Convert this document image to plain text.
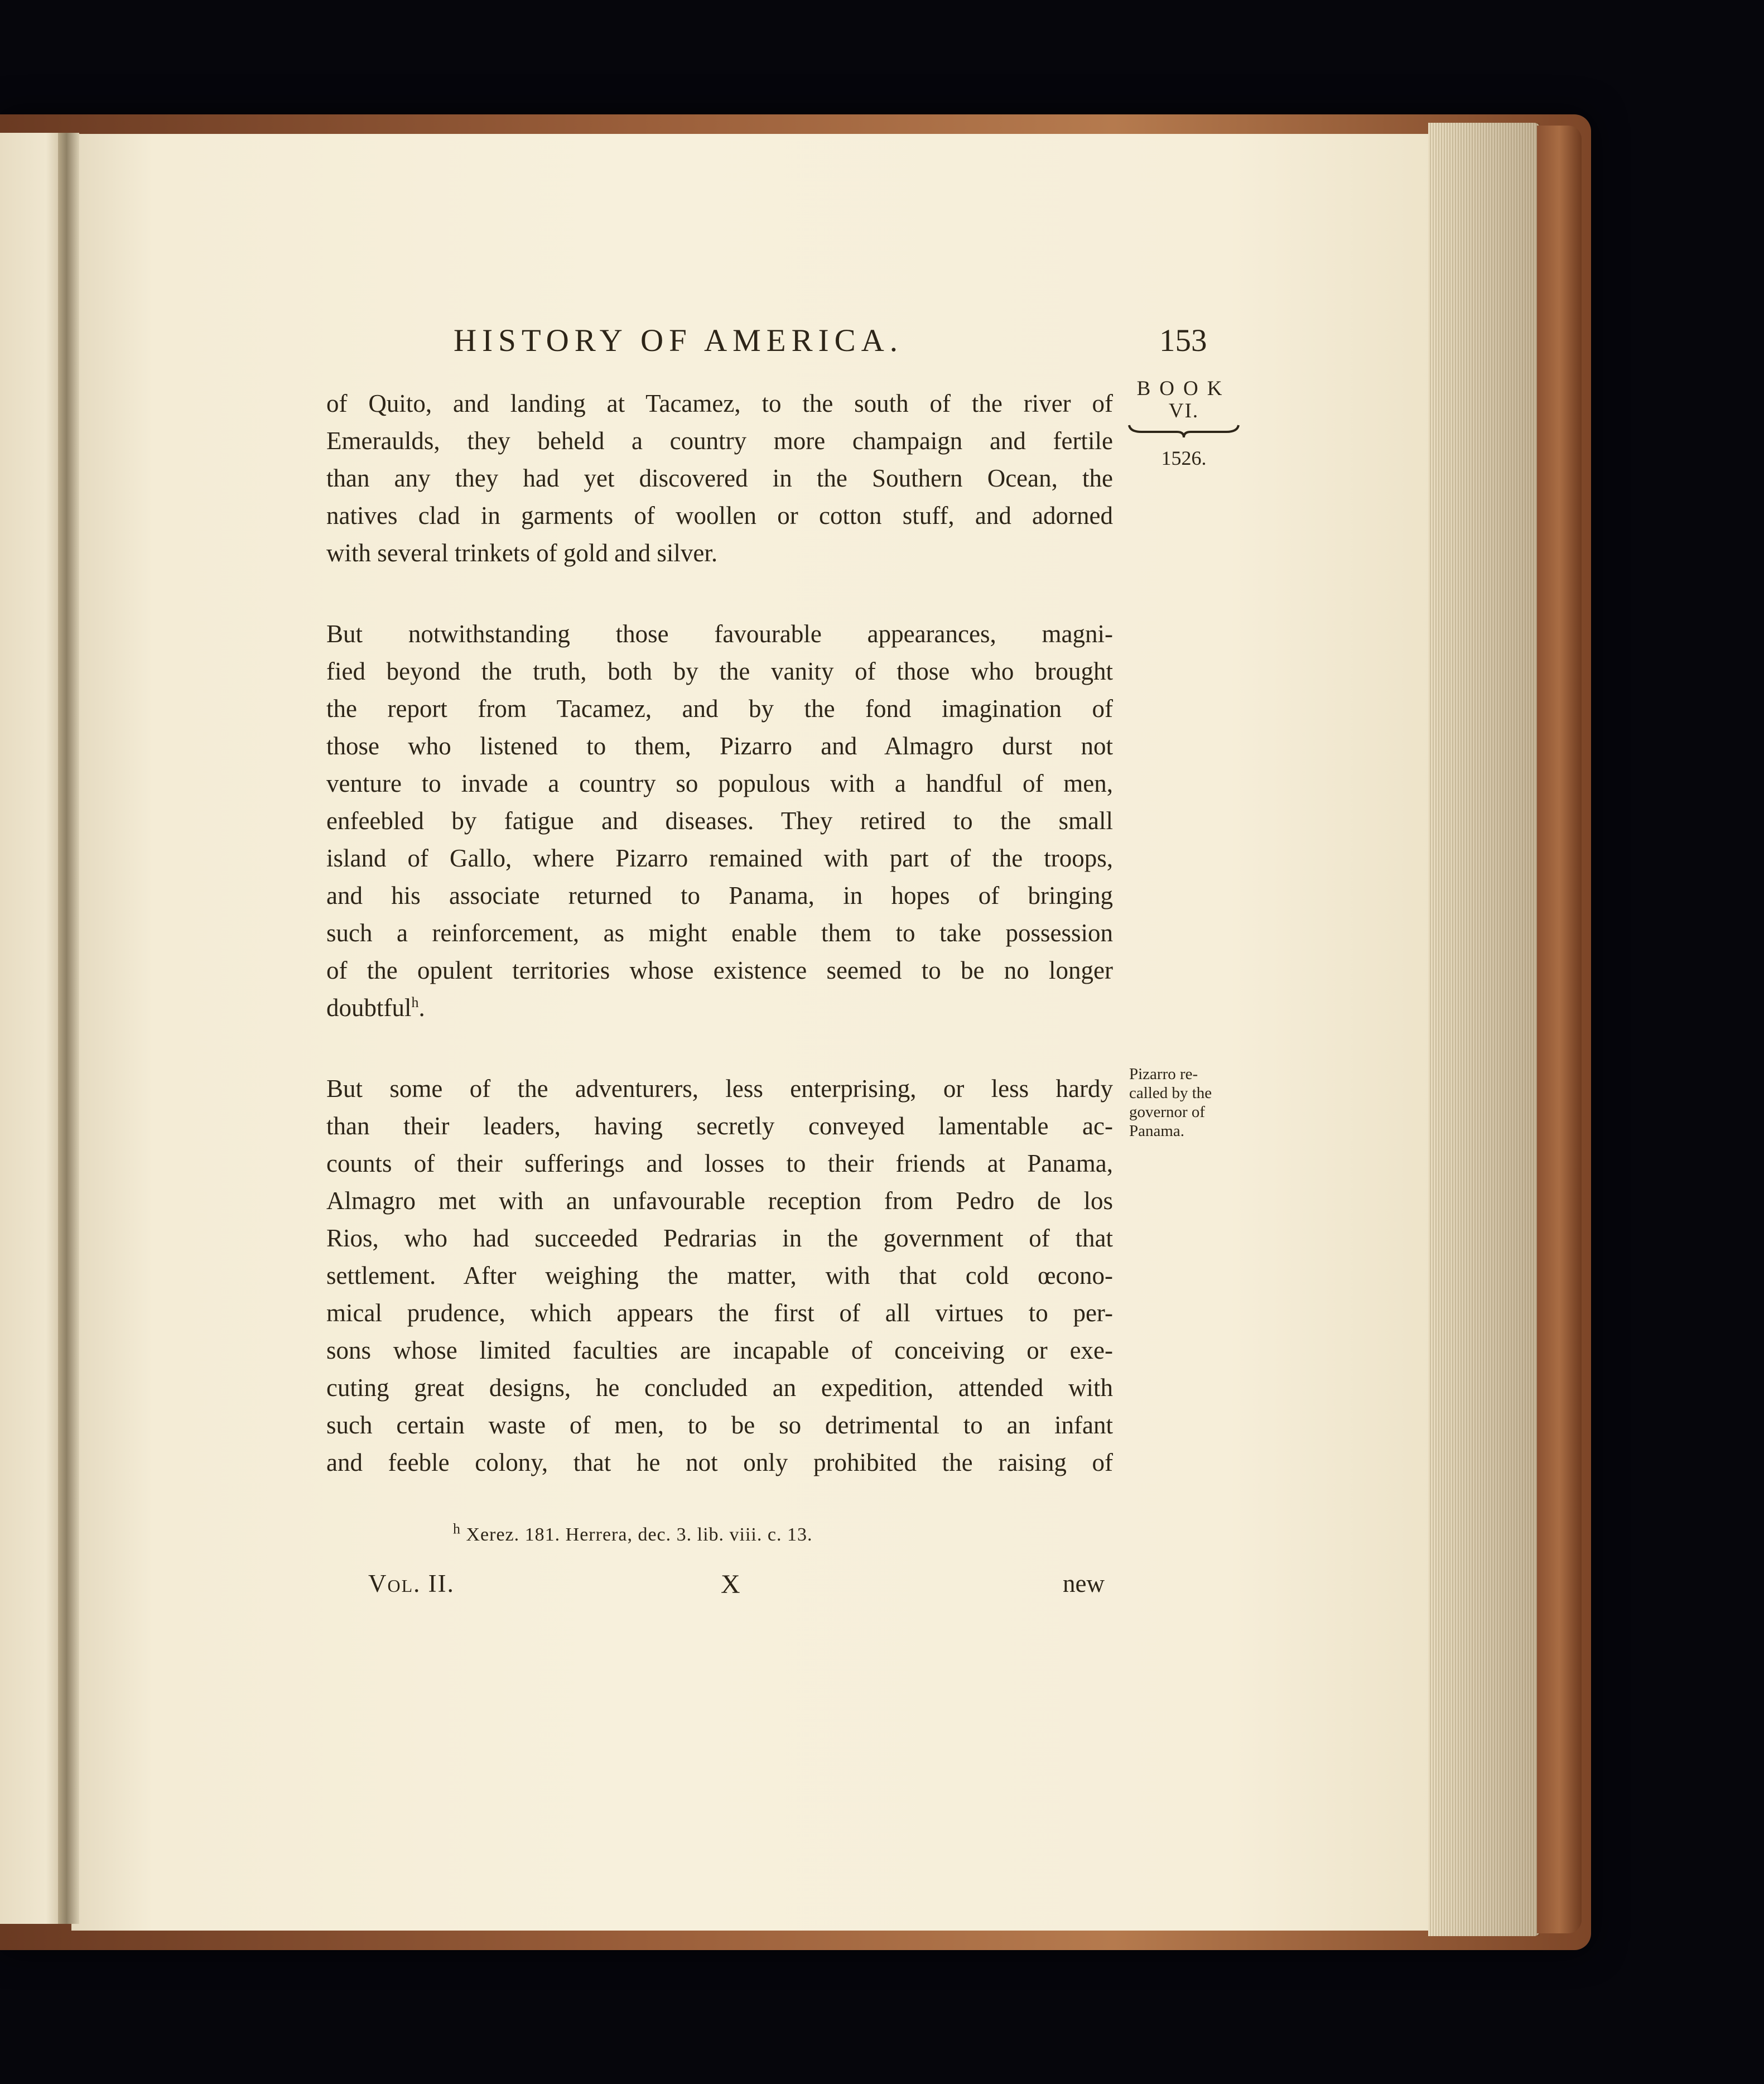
HISTORY OF AMERICA.	153
BOOK
VI.
1526.
Pizarro re-
called by the
governor of
Panama.
of Quito, and landing at Tacamez, to the south of the river of
Emeraulds, they beheld a country more champaign and fertile
than any they had yet discovered in the Southern Ocean, the
natives clad in garments of woollen or cotton stuff, and adorned
with several trinkets of gold and silver.
But notwithstanding those favourable appearances, magni-
fied beyond the truth, both by the vanity of those who brought
the report from Tacamez, and by the fond imagination of
those who listened to them, Pizarro and Almagro durst not
venture to invade a country so populous with a handful of men,
enfeebled by fatigue and diseases. They retired to the small
island of Gallo, where Pizarro remained with part of the troops,
and his associate returned to Panama, in hopes of bringing
such a reinforcement, as might enable them to take possession
of the opulent territories whose existence seemed to be no longer
doubtful$^h$.
But some of the adventurers, less enterprising, or less hardy
than their leaders, having secretly conveyed lamentable ac-
counts of their sufferings and losses to their friends at Panama,
Almagro met with an unfavourable reception from Pedro de los
Rios, who had succeeded Pedrarias in the government of that
settlement. After weighing the matter, with that cold œcono-
mical prudence, which appears the first of all virtues to per-
sons whose limited faculties are incapable of conceiving or exe-
cuting great designs, he concluded an expedition, attended with
such certain waste of men, to be so detrimental to an infant
and feeble colony, that he not only prohibited the raising of
$^h$ Xerez. 181. Herrera, dec. 3. lib. viii. c. 13.
Vol. II.	X	new
